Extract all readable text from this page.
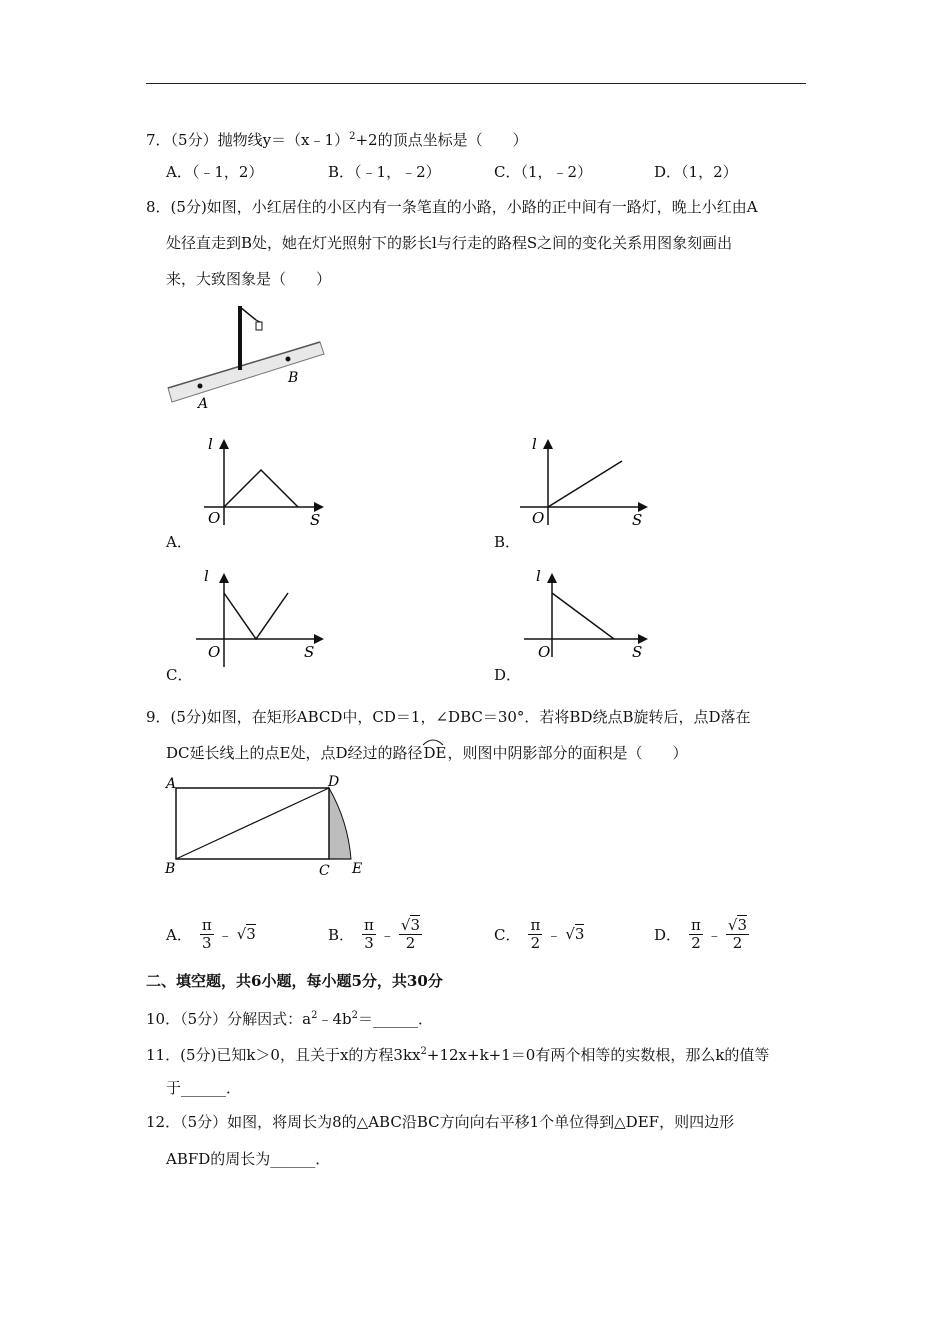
7．（5分）抛物线y＝（x﹣1）$^2$+2的顶点坐标是（　　）
A．（﹣1，2）	B．（﹣1，﹣2）	C．（1，﹣2）	D．（1，2）
8．(5分)如图，小红居住的小区内有一条笔直的小路，小路的正中间有一路灯，晚上小红由A
处径直走到B处，她在灯光照射下的影长l与行走的路程S之间的变化关系用图象刻画出
来，大致图象是（　　）
A
B
l
O	S
A．
l
O	S
B．
l
O	S
C．
l
O	S
D．
9．(5分)如图，在矩形ABCD中，CD＝1，∠DBC＝30°．若将BD绕点B旋转后，点D落在
DC延长线上的点E处，点D经过的路径
DE，则图中阴影部分的面积是（　　）
A	D
B	C E
A． $\frac{\pi}{3}$ ﹣ √3	B． $\frac{\pi}{3}$ ﹣ $\frac{√3}{2}$	C． $\frac{\pi}{2}$ ﹣ √3	D． $\frac{\pi}{2}$ ﹣ $\frac{√3}{2}$
二、填空题，共6小题，每小题5分，共30分
10．（5分）分解因式：$a^2﹣4b^2=\_\_\_\_\_\_$．
11．(5分)已知k＞0，且关于x的方程$3kx^2+12x+k+1=0$有两个相等的实数根，那么k的值等
于______．
12．（5分）如图，将周长为8的△ABC沿BC方向向右平移1个单位得到△DEF，则四边形
ABFD的周长为______．
